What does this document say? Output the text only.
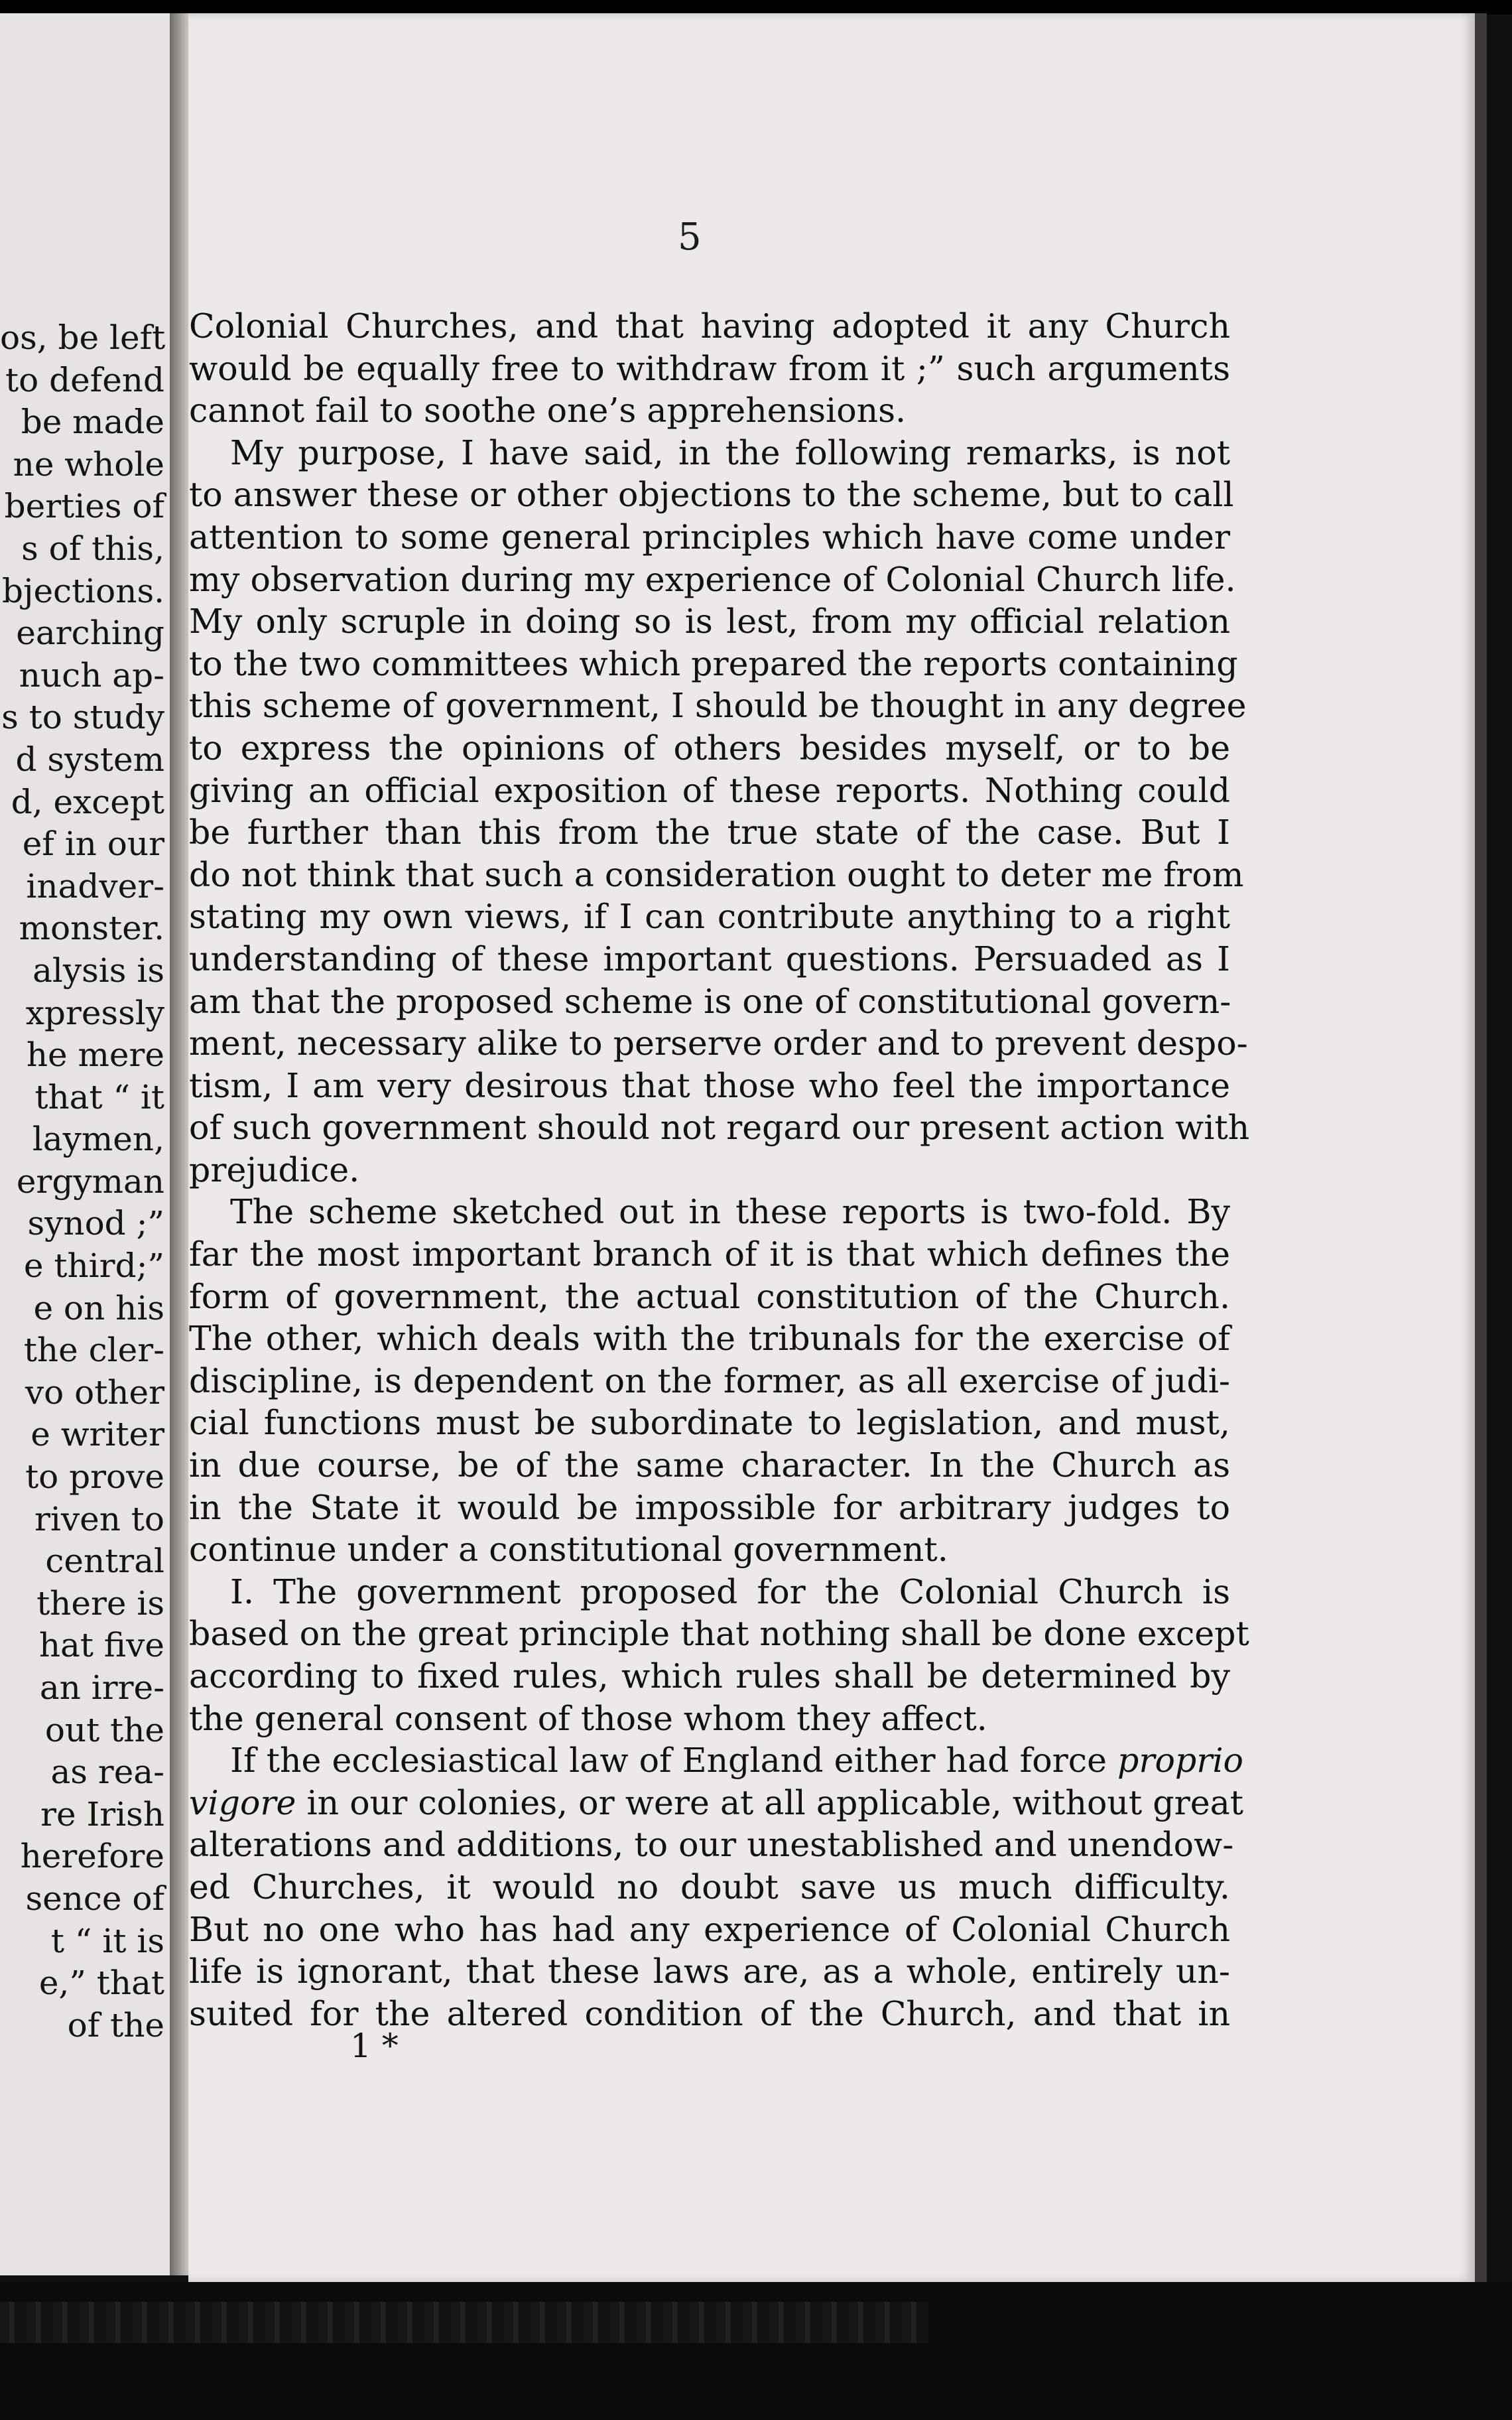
os, be left
to defend
be made
ne whole
berties of
s of this,
bjections.
earching
nuch ap-
s to study
d system
d, except
ef in our
inadver-
monster.
alysis is
xpressly
he mere
that “ it
laymen,
ergyman
synod ;”
e third;”
e on his
the cler-
vo other
e writer
to prove
riven to
central
there is
hat five
an irre-
out the
as rea-
re Irish
herefore
sence of
t “ it is
e,” that
of the
5
Colonial Churches, and that having adopted it any Church
would be equally free to withdraw from it ;” such arguments
cannot fail to soothe one’s apprehensions.
My purpose, I have said, in the following remarks, is not
to answer these or other objections to the scheme, but to call
attention to some general principles which have come under
my observation during my experience of Colonial Church life.
My only scruple in doing so is lest, from my official relation
to the two committees which prepared the reports containing
this scheme of government, I should be thought in any degree
to express the opinions of others besides myself, or to be
giving an official exposition of these reports. Nothing could
be further than this from the true state of the case. But I
do not think that such a consideration ought to deter me from
stating my own views, if I can contribute anything to a right
understanding of these important questions. Persuaded as I
am that the proposed scheme is one of constitutional govern-
ment, necessary alike to perserve order and to prevent despo-
tism, I am very desirous that those who feel the importance
of such government should not regard our present action with
prejudice.
The scheme sketched out in these reports is two-fold. By
far the most important branch of it is that which defines the
form of government, the actual constitution of the Church.
The other, which deals with the tribunals for the exercise of
discipline, is dependent on the former, as all exercise of judi-
cial functions must be subordinate to legislation, and must,
in due course, be of the same character. In the Church as
in the State it would be impossible for arbitrary judges to
continue under a constitutional government.
I. The government proposed for the Colonial Church is
based on the great principle that nothing shall be done except
according to fixed rules, which rules shall be determined by
the general consent of those whom they affect.
If the ecclesiastical law of England either had force proprio
vigore in our colonies, or were at all applicable, without great
alterations and additions, to our unestablished and unendow-
ed Churches, it would no doubt save us much difficulty.
But no one who has had any experience of Colonial Church
life is ignorant, that these laws are, as a whole, entirely un-
suited for the altered condition of the Church, and that in
1 *
